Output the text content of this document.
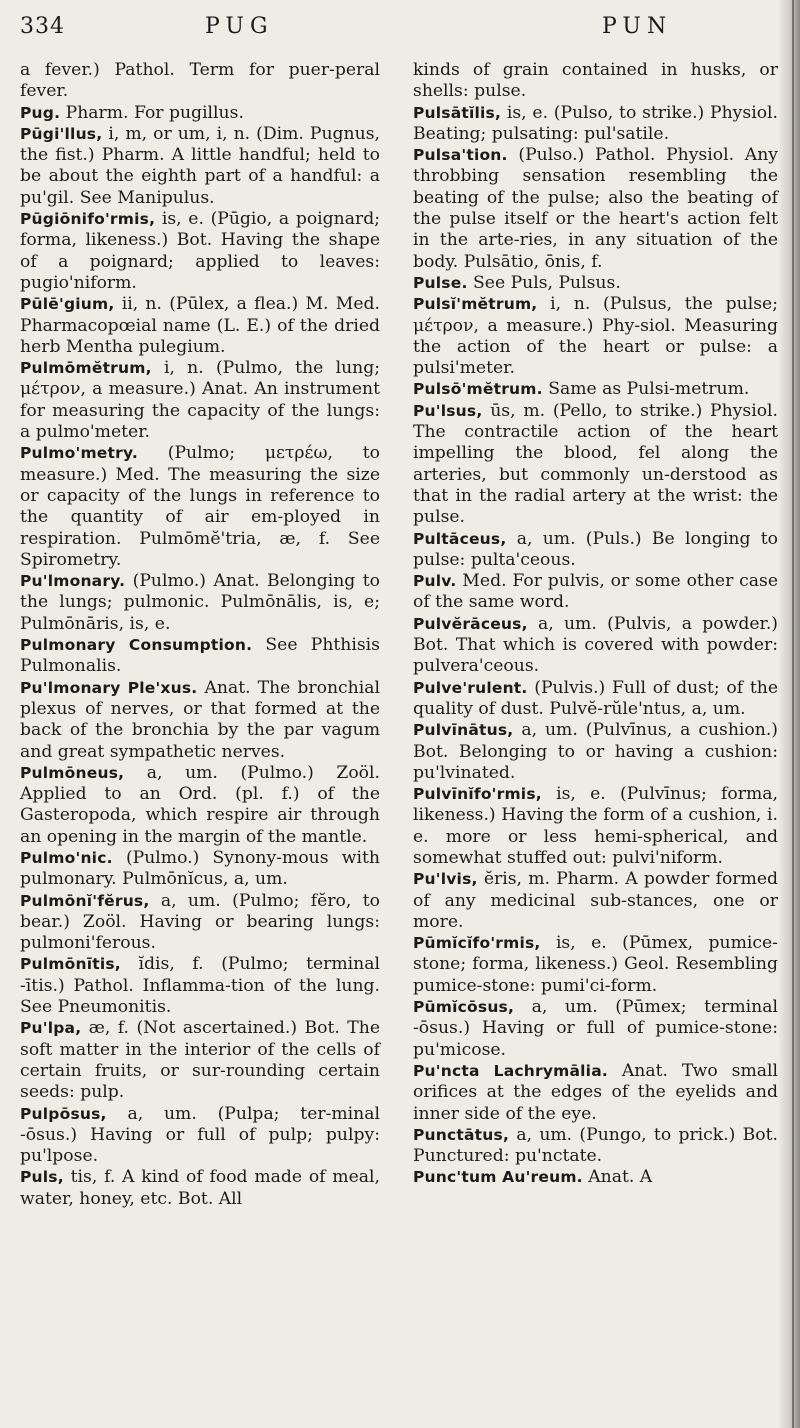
334	PUG	PUN

a fever.) Pathol. Term for puer-peral fever.

Pug. Pharm. For pugillus.

Pūgi'llus, i, m, or um, i, n. (Dim. Pugnus, the fist.) Pharm. A little handful; held to be about the eighth part of a handful: a pu'gil. See Manipulus.

Pūgiōnifo'rmis, is, e. (Pūgio, a poignard; forma, likeness.) Bot. Having the shape of a poignard; applied to leaves: pugio'niform.

Pūlē'gium, ii, n. (Pūlex, a flea.) M. Med. Pharmacopœial name (L. E.) of the dried herb Mentha pulegium.

Pulmōmĕtrum, i, n. (Pulmo, the lung; μέτρον, a measure.) Anat. An instrument for measuring the capacity of the lungs: a pulmo'meter.

Pulmo'metry. (Pulmo; μετρέω, to measure.) Med. The measuring the size or capacity of the lungs in reference to the quantity of air em-ployed in respiration. Pulmōmĕ'tria, æ, f. See Spirometry.

Pu'lmonary. (Pulmo.) Anat. Belonging to the lungs; pulmonic. Pulmōnālis, is, e; Pulmōnāris, is, e.

Pulmonary Consumption. See Phthisis Pulmonalis.

Pu'lmonary Ple'xus. Anat. The bronchial plexus of nerves, or that formed at the back of the bronchia by the par vagum and great sympathetic nerves.

Pulmōneus, a, um. (Pulmo.) Zoöl. Applied to an Ord. (pl. f.) of the Gasteropoda, which respire air through an opening in the margin of the mantle.

Pulmo'nic. (Pulmo.) Synony-mous with pulmonary. Pulmōnĭcus, a, um.

Pulmōnĭ'fĕrus, a, um. (Pulmo; fĕro, to bear.) Zoöl. Having or bearing lungs: pulmoni'ferous.

Pulmōnītis, ĭdis, f. (Pulmo; terminal -ītis.) Pathol. Inflamma-tion of the lung. See Pneumonitis.

Pu'lpa, æ, f. (Not ascertained.) Bot. The soft matter in the interior of the cells of certain fruits, or sur-rounding certain seeds: pulp.

Pulpōsus, a, um. (Pulpa; ter-minal -ōsus.) Having or full of pulp; pulpy: pu'lpose.

Puls, tis, f. A kind of food made of meal, water, honey, etc. Bot. All

kinds of grain contained in husks, or shells: pulse.

Pulsātĭlis, is, e. (Pulso, to strike.) Physiol. Beating; pulsating: pul'satile.

Pulsa'tion. (Pulso.) Pathol. Physiol. Any throbbing sensation resembling the beating of the pulse; also the beating of the pulse itself or the heart's action felt in the arte-ries, in any situation of the body. Pulsātio, ōnis, f.

Pulse. See Puls, Pulsus.

Pulsĭ'mĕtrum, i, n. (Pulsus, the pulse; μέτρον, a measure.) Phy-siol. Measuring the action of the heart or pulse: a pulsi'meter.

Pulsō'mĕtrum. Same as Pulsi-metrum.

Pu'lsus, ūs, m. (Pello, to strike.) Physiol. The contractile action of the heart impelling the blood, fel along the arteries, but commonly un-derstood as that in the radial artery at the wrist: the pulse.

Pultāceus, a, um. (Puls.) Be longing to pulse: pulta'ceous.

Pulv. Med. For pulvis, or some other case of the same word.

Pulvĕrāceus, a, um. (Pulvis, a powder.) Bot. That which is covered with powder: pulvera'ceous.

Pulve'rulent. (Pulvis.) Full of dust; of the quality of dust. Pulvĕ-rŭle'ntus, a, um.

Pulvīnātus, a, um. (Pulvīnus, a cushion.) Bot. Belonging to or having a cushion: pu'lvinated.

Pulvīnĭfo'rmis, is, e. (Pulvīnus; forma, likeness.) Having the form of a cushion, i. e. more or less hemi-spherical, and somewhat stuffed out: pulvi'niform.

Pu'lvis, ĕris, m. Pharm. A powder formed of any medicinal sub-stances, one or more.

Pūmĭcĭfo'rmis, is, e. (Pūmex, pumice-stone; forma, likeness.) Geol. Resembling pumice-stone: pumi'ci-form.

Pūmĭcōsus, a, um. (Pūmex; terminal -ōsus.) Having or full of pumice-stone: pu'micose.

Pu'ncta Lachrymālia. Anat. Two small orifices at the edges of the eyelids and inner side of the eye.

Punctātus, a, um. (Pungo, to prick.) Bot. Punctured: pu'nctate.

Punc'tum Au'reum. Anat. A
